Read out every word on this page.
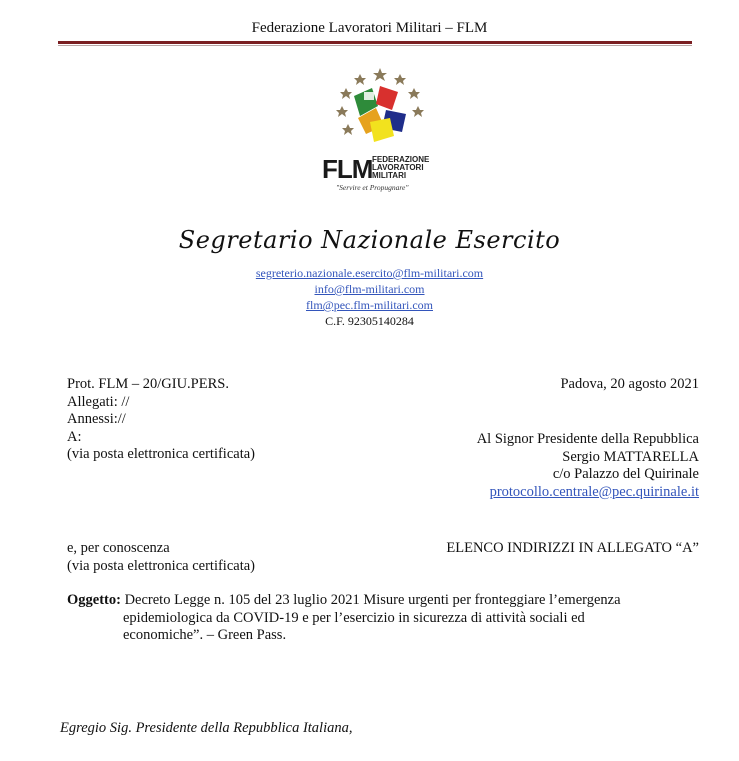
Federazione Lavoratori Militari – FLM
FLM FEDERAZIONE
LAVORATORI
MILITARI
"Servire et Propugnare"
Segretario Nazionale Esercito
segreterio.nazionale.esercito@flm-militari.com
info@flm-militari.com
flm@pec.flm-militari.com
C.F. 92305140284
Prot. FLM – 20/GIU.PERS.
Allegati: //
Annessi://
A:
(via posta elettronica certificata)
Padova, 20 agosto 2021
Al Signor Presidente della Repubblica
Sergio MATTARELLA
c/o Palazzo del Quirinale
protocollo.centrale@pec.quirinale.it
e, per conoscenza
(via posta elettronica certificata)
ELENCO INDIRIZZI IN ALLEGATO “A”
Oggetto: Decreto Legge n. 105 del 23 luglio 2021 Misure urgenti per fronteggiare l’emergenza
epidemiologica da COVID-19 e per l’esercizio in sicurezza di attività sociali ed
economiche”. – Green Pass.
Egregio Sig. Presidente della Repubblica Italiana,
